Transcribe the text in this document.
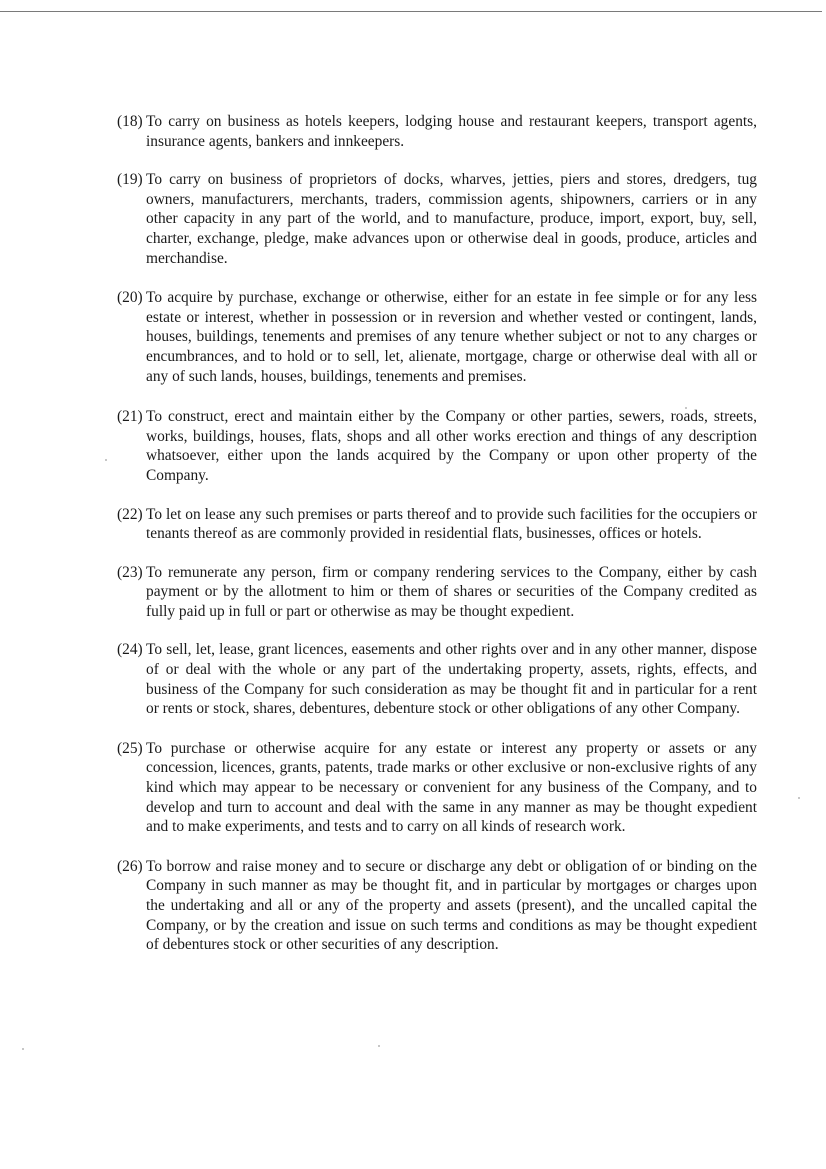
(18) To carry on business as hotels keepers, lodging house and restaurant keepers, transport agents, insurance agents, bankers and innkeepers.

(19) To carry on business of proprietors of docks, wharves, jetties, piers and stores, dredgers, tug owners, manufacturers, merchants, traders, commission agents, shipowners, carriers or in any other capacity in any part of the world, and to manufacture, produce, import, export, buy, sell, charter, exchange, pledge, make advances upon or otherwise deal in goods, produce, articles and merchandise.

(20) To acquire by purchase, exchange or otherwise, either for an estate in fee simple or for any less estate or interest, whether in possession or in reversion and whether vested or contingent, lands, houses, buildings, tenements and premises of any tenure whether subject or not to any charges or encumbrances, and to hold or to sell, let, alienate, mortgage, charge or otherwise deal with all or any of such lands, houses, buildings, tenements and premises.

(21) To construct, erect and maintain either by the Company or other parties, sewers, roads, streets, works, buildings, houses, flats, shops and all other works erection and things of any description whatsoever, either upon the lands acquired by the Company or upon other property of the Company.

(22) To let on lease any such premises or parts thereof and to provide such facilities for the occupiers or tenants thereof as are commonly provided in residential flats, businesses, offices or hotels.

(23) To remunerate any person, firm or company rendering services to the Company, either by cash payment or by the allotment to him or them of shares or securities of the Company credited as fully paid up in full or part or otherwise as may be thought expedient.

(24) To sell, let, lease, grant licences, easements and other rights over and in any other manner, dispose of or deal with the whole or any part of the undertaking property, assets, rights, effects, and business of the Company for such consideration as may be thought fit and in particular for a rent or rents or stock, shares, debentures, debenture stock or other obligations of any other Company.

(25) To purchase or otherwise acquire for any estate or interest any property or assets or any concession, licences, grants, patents, trade marks or other exclusive or non-exclusive rights of any kind which may appear to be necessary or convenient for any business of the Company, and to develop and turn to account and deal with the same in any manner as may be thought expedient and to make experiments, and tests and to carry on all kinds of research work.

(26) To borrow and raise money and to secure or discharge any debt or obligation of or binding on the Company in such manner as may be thought fit, and in particular by mortgages or charges upon the undertaking and all or any of the property and assets (present), and the uncalled capital the Company, or by the creation and issue on such terms and conditions as may be thought expedient of debentures stock or other securities of any description.
